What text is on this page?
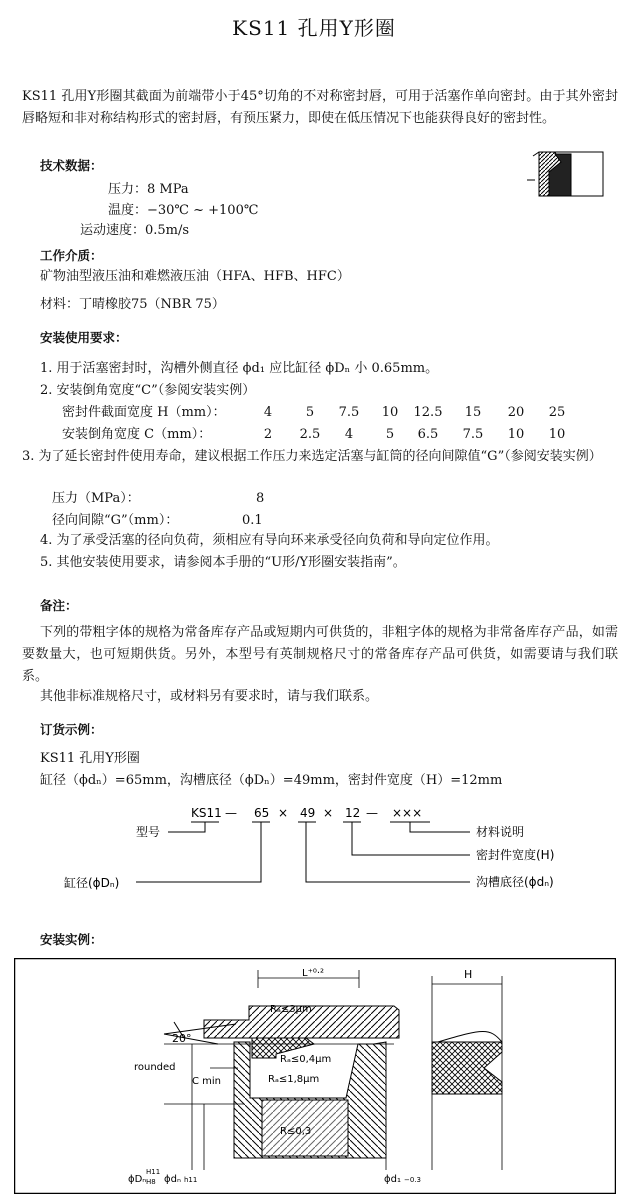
KS11 孔用Y形圈
KS11 孔用Y形圈其截面为前端带小于45°切角的不对称密封唇，可用于活塞作单向密封。由于其外密封唇略短和非对称结构形式的密封唇，有预压紧力，即使在低压情况下也能获得良好的密封性。
技术数据：
压力：8 MPa
温度：−30℃ ~ +100℃
运动速度：0.5m/s
工作介质：
矿物油型液压油和难燃液压油（HFA、HFB、HFC）
材料：丁晴橡胶75（NBR 75）
安装使用要求：
1. 用于活塞密封时，沟槽外侧直径 ϕd₁ 应比缸径 ϕDₙ 小 0.65mm。
2. 安装倒角宽度“C”（参阅安装实例）
密封件截面宽度 H（mm）：	4	5	7.5	10	12.5	15	20	25
安装倒角宽度 C（mm）：	2	2.5	4	5	6.5	7.5	10	10
3. 为了延长密封件使用寿命，建议根据工作压力来选定活塞与缸筒的径向间隙值“G”（参阅安装实例）
压力（MPa）：	8
径向间隙“G”（mm）：	0.1
4. 为了承受活塞的径向负荷，须相应有导向环来承受径向负荷和导向定位作用。
5. 其他安装使用要求，请参阅本手册的“U形/Y形圈安装指南”。
备注：
下列的带粗字体的规格为常备库存产品或短期内可供货的，非粗字体的规格为非常备库存产品，如需要数量大，也可短期供货。另外，本型号有英制规格尺寸的常备库存产品可供货，如需要请与我们联系。
其他非标准规格尺寸，或材料另有要求时，请与我们联系。
订货示例：
KS11 孔用Y形圈
缸径（ϕdₙ）=65mm，沟槽底径（ϕDₙ）=49mm，密封件宽度（H）=12mm
KS11 — 65 × 49 × 12 — ×××
型号
缸径(ϕDₙ)
材料说明
密封件宽度(H)
沟槽底径(ϕdₙ)
安装实例：
L⁺⁰·²	H
20°
rounded
C min
Rₐ≤3μm
Rₐ≤0,4μm
Rₐ≤1,8μm
R≤0,3
ϕDₙ
H11
H8 ϕdₙ h11	ϕd₁ −0.3
